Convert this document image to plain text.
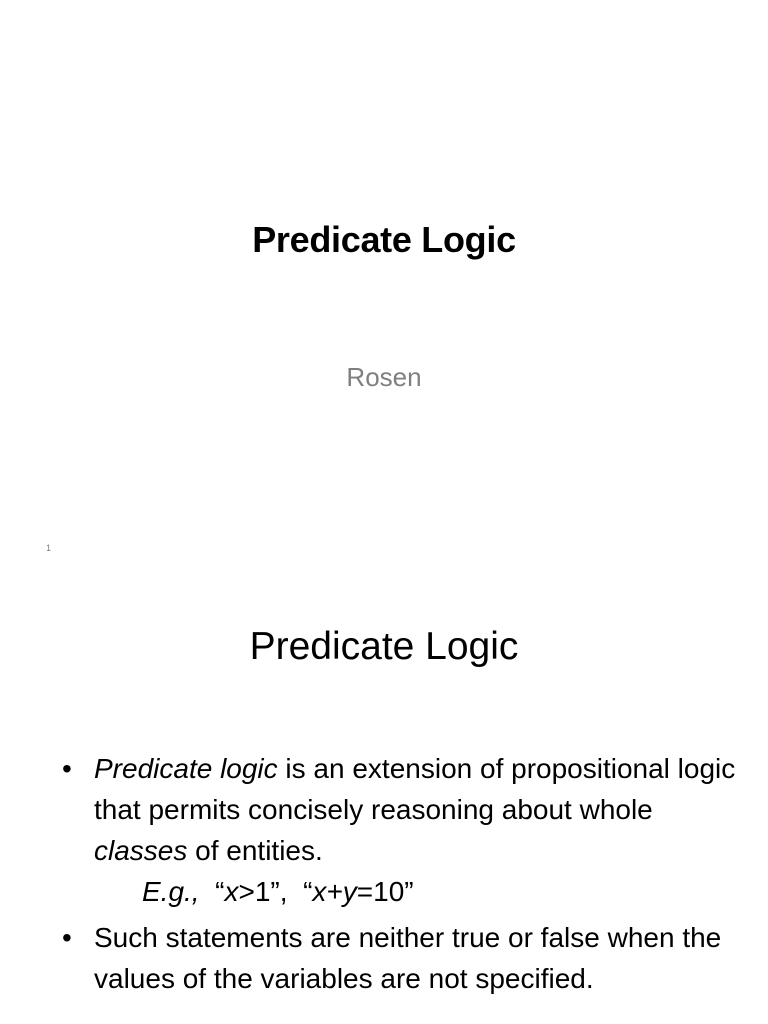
Predicate Logic
Rosen
1
Predicate Logic
• Predicate logic is an extension of propositional logic that permits concisely reasoning about whole classes of entities.
E.g.,  “x>1”,  “x+y=10”
• Such statements are neither true or false when the values of the variables are not specified.
